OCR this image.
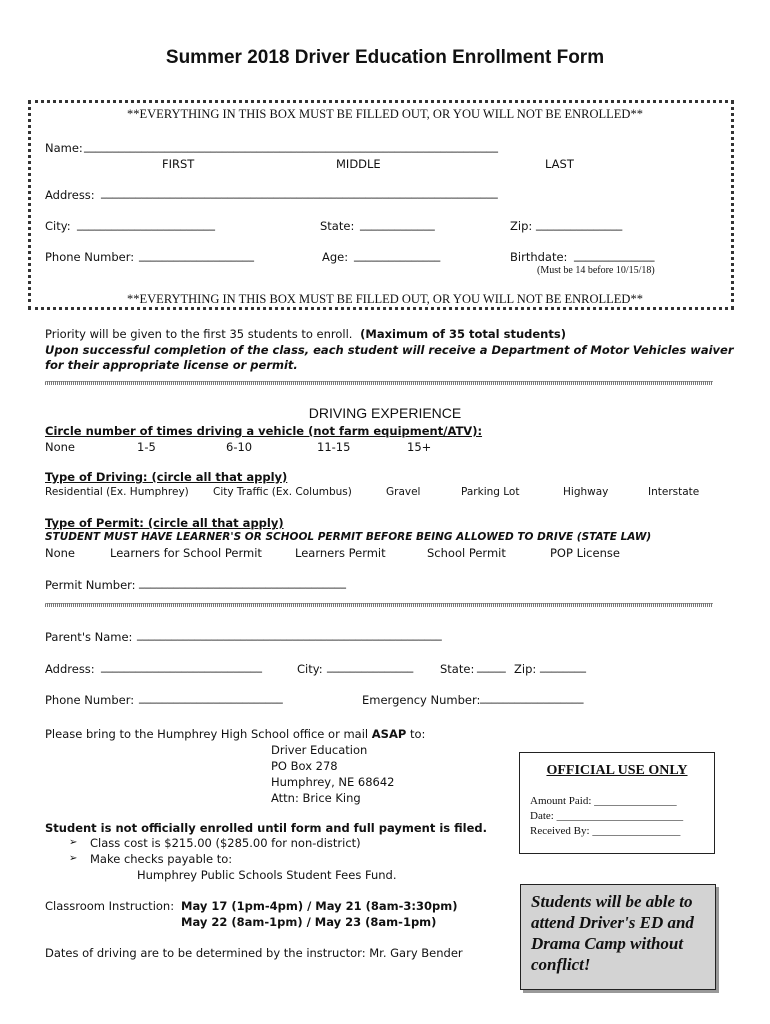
Summer 2018 Driver Education Enrollment Form
**EVERYTHING IN THIS BOX MUST BE FILLED OUT, OR YOU WILL NOT BE ENROLLED**
Name: ________________________________________________________________________
FIRST	MIDDLE	LAST
Address: _____________________________________________________________________
City: ________________________	State: _____________	Zip: _______________
Phone Number: ____________________	Age: _______________	Birthdate: ______________
(Must be 14 before 10/15/18)
**EVERYTHING IN THIS BOX MUST BE FILLED OUT, OR YOU WILL NOT BE ENROLLED**
Priority will be given to the first 35 students to enroll. (Maximum of 35 total students)
Upon successful completion of the class, each student will receive a Department of Motor Vehicles waiver
for their appropriate license or permit.
DRIVING EXPERIENCE
Circle number of times driving a vehicle (not farm equipment/ATV):
None	1-5	6-10	11-15	15+
Type of Driving: (circle all that apply)
Residential (Ex. Humphrey) City Traffic (Ex. Columbus)	Gravel	Parking Lot	Highway	Interstate
Type of Permit: (circle all that apply)
STUDENT MUST HAVE LEARNER'S OR SCHOOL PERMIT BEFORE BEING ALLOWED TO DRIVE (STATE LAW)
None	Learners for School Permit	Learners Permit	School Permit	POP License
Permit Number: ____________________________________
Parent's Name: _____________________________________________________
Address: ____________________________	City: _______________ State: _____ Zip: ________
Phone Number: _________________________	Emergency Number: __________________
Please bring to the Humphrey High School office or mail ASAP to:
Driver Education
PO Box 278
Humphrey, NE 68642
Attn: Brice King
OFFICIAL USE ONLY
Amount Paid: _______________
Date: _______________________
Received By: ________________
Student is not officially enrolled until form and full payment is filed.
➢ Class cost is $215.00 ($285.00 for non-district)
➢ Make checks payable to:
Humphrey Public Schools Student Fees Fund.
Classroom Instruction: May 17 (1pm-4pm) / May 21 (8am-3:30pm)
May 22 (8am-1pm) / May 23 (8am-1pm)
Dates of driving are to be determined by the instructor: Mr. Gary Bender
Students will be able to attend Driver's ED and Drama Camp without conflict!
